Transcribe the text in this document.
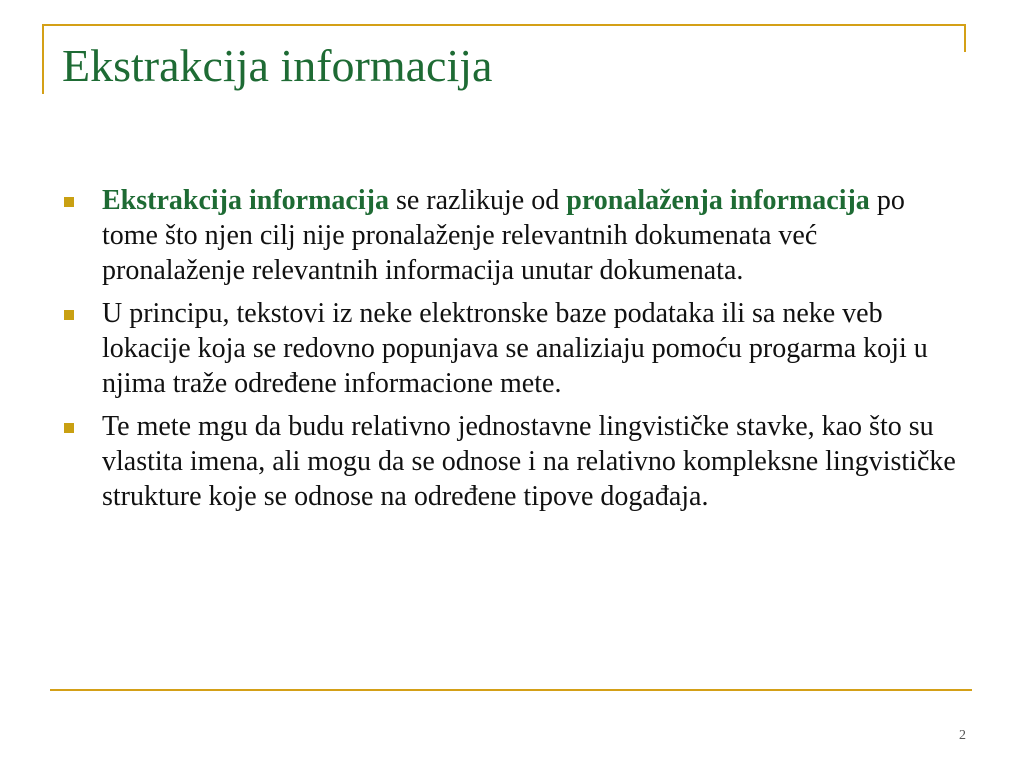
Ekstrakcija informacija
Ekstrakcija informacija se razlikuje od pronalaženja informacija po tome što njen cilj nije pronalaženje relevantnih dokumenata već pronalaženje relevantnih informacija unutar dokumenata.
U principu, tekstovi iz neke elektronske baze podataka ili sa neke veb lokacije koja se redovno popunjava se analiziaju pomoću progarma koji u njima traže određene informacione mete.
Te mete mgu da budu relativno jednostavne lingvističke stavke, kao što su vlastita imena, ali mogu da se odnose i na relativno kompleksne lingvističke strukture koje se odnose na određene tipove događaja.
2
